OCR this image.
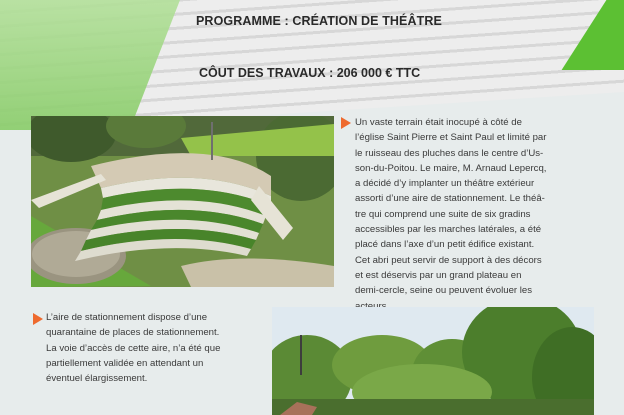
PROGRAMME : CRÉATION DE THÉÂTRE
CÔUT DES TRAVAUX : 206 000 € TTC

Un vaste terrain était inocupé à côté de
l’église Saint Pierre et Saint Paul et limité par
le ruisseau des pluches dans le centre d’Us-
son-du-Poitou. Le maire, M. Arnaud Lepercq,
a décidé d’y implanter un théâtre extérieur
assorti d’une aire de stationnement. Le théâ-
tre qui comprend une suite de six gradins
accessibles par les marches latérales, a été
placé dans l’axe d’un petit édifice existant.
Cet abri peut servir de support à des décors
et est déservis par un grand plateau en
demi-cercle, seine ou peuvent évoluer les

L’aire de stationnement dispose d’une
quarantaine de places de stationnement.
La voie d’accès de cette aire, n’a été que
partiellement validée en attendant un
éventuel élargissement.
